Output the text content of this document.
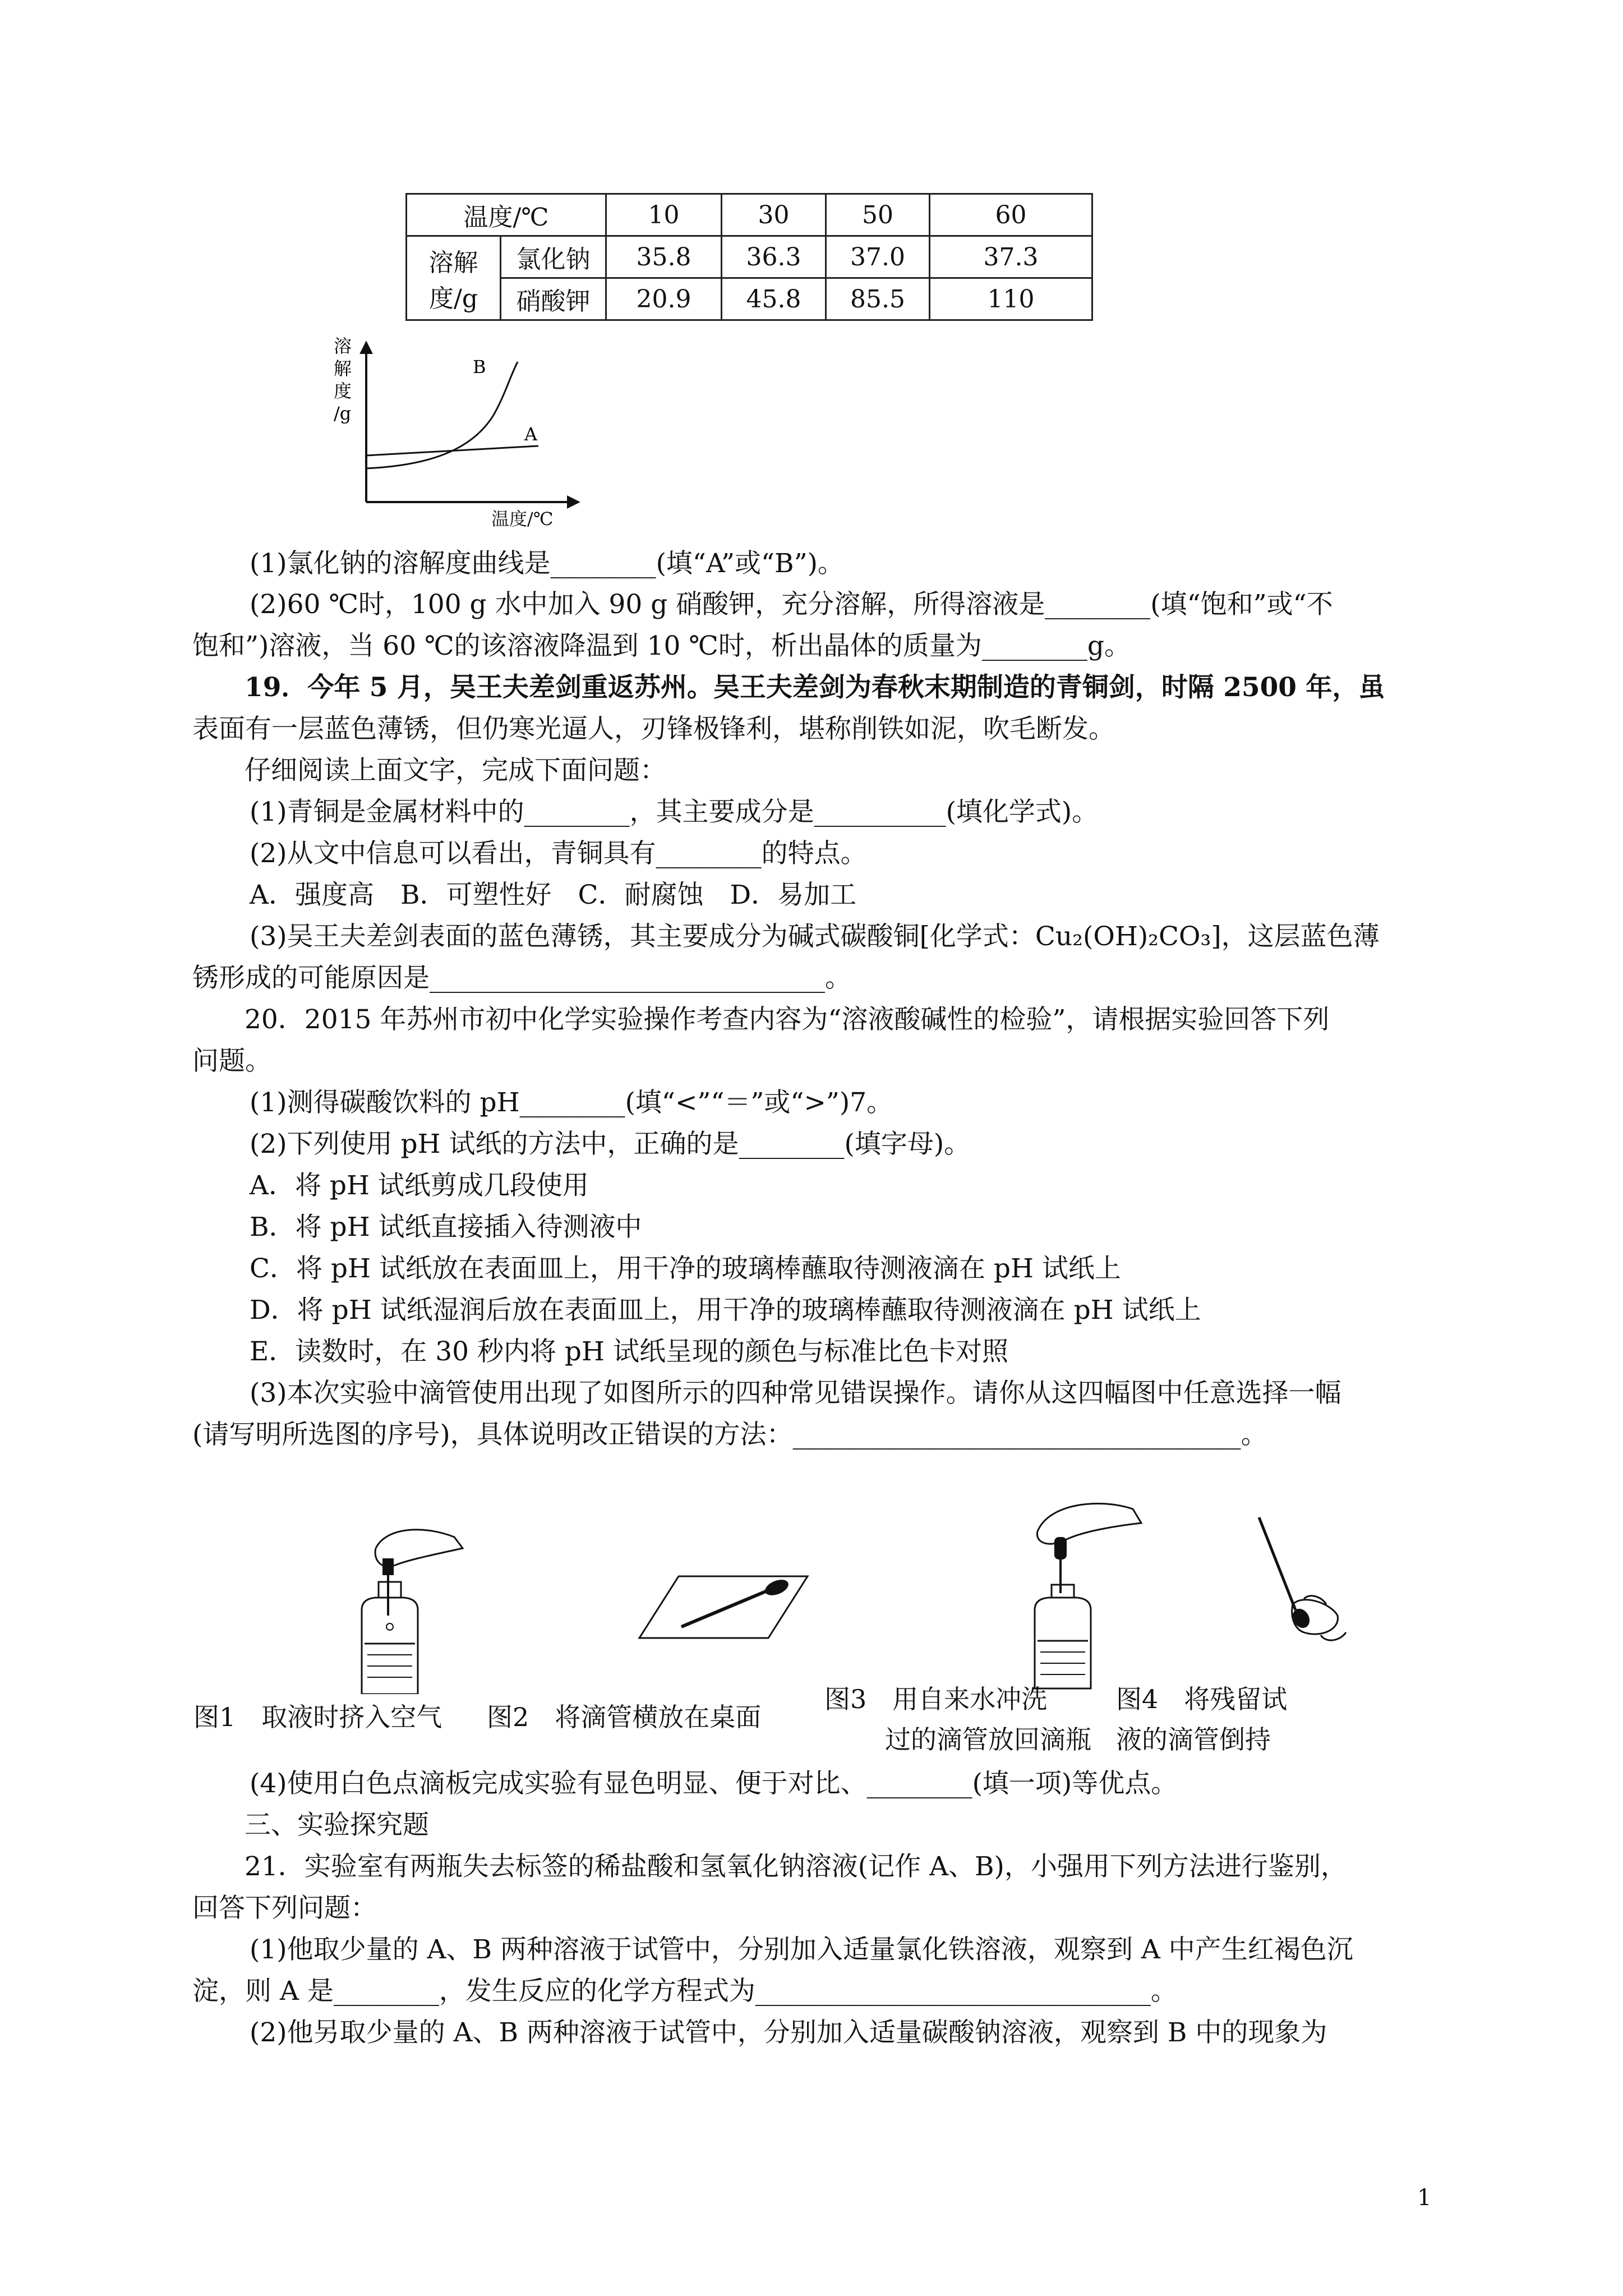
温度/℃		10	30	50	60
溶解度/g	氯化钠	35.8	36.3	37.0	37.3
	硝酸钾	20.9	45.8	85.5	110
溶
解
度
/g
B
A
温度/℃
(1)氯化钠的溶解度曲线是________(填“A”或“B”)。
(2)60 ℃时，100 g 水中加入 90 g 硝酸钾，充分溶解，所得溶液是________(填“饱和”或“不
饱和”)溶液，当 60 ℃的该溶液降温到 10 ℃时，析出晶体的质量为________g。
19．今年 5 月，吴王夫差剑重返苏州。吴王夫差剑为春秋末期制造的青铜剑，时隔 2500 年，虽
表面有一层蓝色薄锈，但仍寒光逼人，刃锋极锋利，堪称削铁如泥，吹毛断发。
仔细阅读上面文字，完成下面问题：
(1)青铜是金属材料中的________，其主要成分是__________(填化学式)。
(2)从文中信息可以看出，青铜具有________的特点。
A．强度高　B．可塑性好　C．耐腐蚀　D．易加工
(3)吴王夫差剑表面的蓝色薄锈，其主要成分为碱式碳酸铜[化学式：Cu₂(OH)₂CO₃]，这层蓝色薄
锈形成的可能原因是______________________________。
20．2015 年苏州市初中化学实验操作考查内容为“溶液酸碱性的检验”，请根据实验回答下列
问题。
(1)测得碳酸饮料的 pH________(填“<”“＝”或“>”)7。
(2)下列使用 pH 试纸的方法中，正确的是________(填字母)。
A．将 pH 试纸剪成几段使用
B．将 pH 试纸直接插入待测液中
C．将 pH 试纸放在表面皿上，用干净的玻璃棒蘸取待测液滴在 pH 试纸上
D．将 pH 试纸湿润后放在表面皿上，用干净的玻璃棒蘸取待测液滴在 pH 试纸上
E．读数时，在 30 秒内将 pH 试纸呈现的颜色与标准比色卡对照
(3)本次实验中滴管使用出现了如图所示的四种常见错误操作。请你从这四幅图中任意选择一幅
(请写明所选图的序号)，具体说明改正错误的方法：__________________________________。
图1　取液时挤入空气 图2　将滴管横放在桌面
图3　用自来水冲洗
过的滴管放回滴瓶
图4　将残留试
液的滴管倒持
(4)使用白色点滴板完成实验有显色明显、便于对比、________(填一项)等优点。
三、实验探究题
21．实验室有两瓶失去标签的稀盐酸和氢氧化钠溶液(记作 A、B)，小强用下列方法进行鉴别，
回答下列问题：
(1)他取少量的 A、B 两种溶液于试管中，分别加入适量氯化铁溶液，观察到 A 中产生红褐色沉
淀，则 A 是________，发生反应的化学方程式为______________________________。
(2)他另取少量的 A、B 两种溶液于试管中，分别加入适量碳酸钠溶液，观察到 B 中的现象为
1
